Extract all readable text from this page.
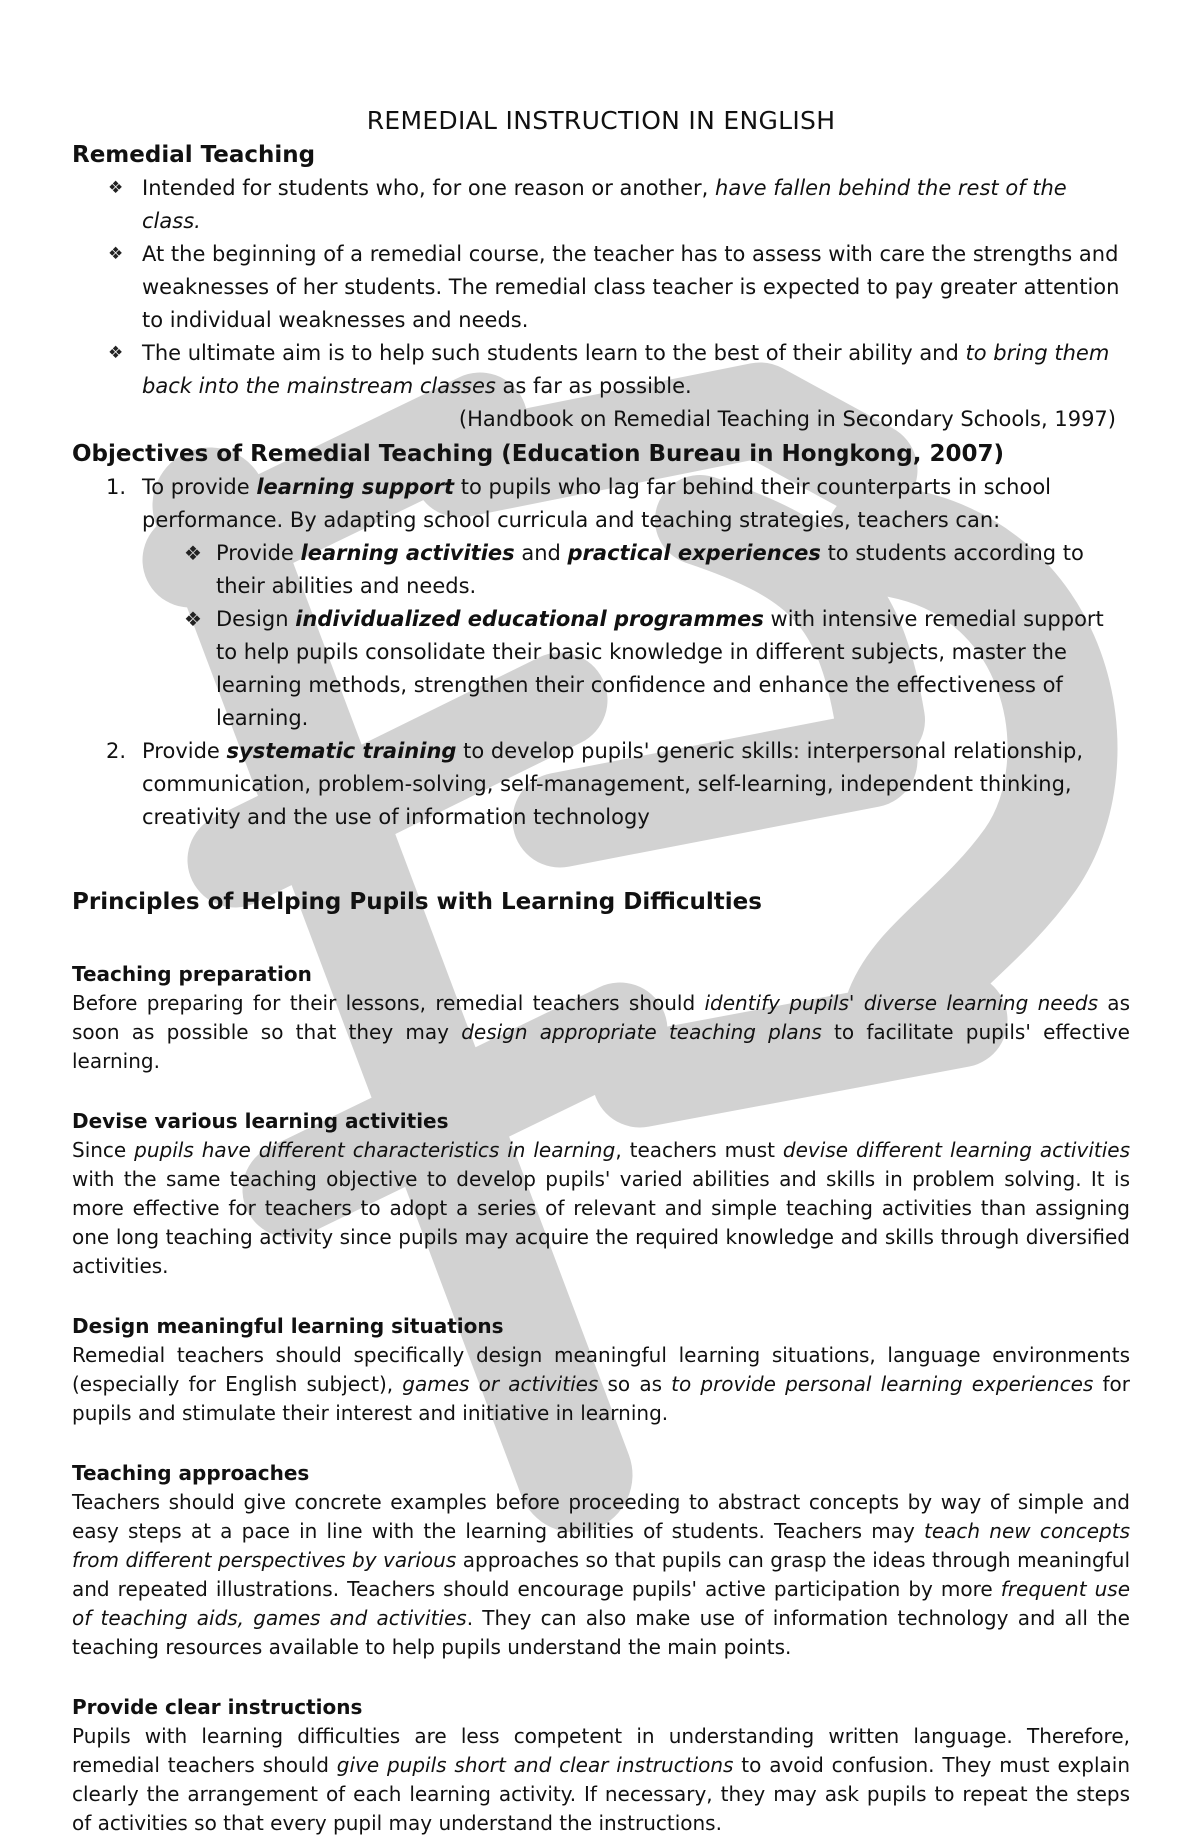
REMEDIAL INSTRUCTION IN ENGLISH
Remedial Teaching
❖ Intended for students who, for one reason or another, have fallen behind the rest of the class.
❖ At the beginning of a remedial course, the teacher has to assess with care the strengths and weaknesses of her students. The remedial class teacher is expected to pay greater attention to individual weaknesses and needs.
❖ The ultimate aim is to help such students learn to the best of their ability and to bring them back into the mainstream classes as far as possible.
(Handbook on Remedial Teaching in Secondary Schools, 1997)
Objectives of Remedial Teaching (Education Bureau in Hongkong, 2007)
1. To provide learning support to pupils who lag far behind their counterparts in school performance. By adapting school curricula and teaching strategies, teachers can:
❖ Provide learning activities and practical experiences to students according to their abilities and needs.
❖ Design individualized educational programmes with intensive remedial support to help pupils consolidate their basic knowledge in different subjects, master the learning methods, strengthen their confidence and enhance the effectiveness of learning.
2. Provide systematic training to develop pupils' generic skills: interpersonal relationship, communication, problem-solving, self-management, self-learning, independent thinking, creativity and the use of information technology
Principles of Helping Pupils with Learning Difficulties
Teaching preparation

Before preparing for their lessons, remedial teachers should identify pupils' diverse learning needs as soon as possible so that they may design appropriate teaching plans to facilitate pupils' effective learning.

Devise various learning activities

Since pupils have different characteristics in learning, teachers must devise different learning activities with the same teaching objective to develop pupils' varied abilities and skills in problem solving. It is more effective for teachers to adopt a series of relevant and simple teaching activities than assigning one long teaching activity since pupils may acquire the required knowledge and skills through diversified activities.

Design meaningful learning situations

Remedial teachers should specifically design meaningful learning situations, language environments (especially for English subject), games or activities so as to provide personal learning experiences for pupils and stimulate their interest and initiative in learning.

Teaching approaches

Teachers should give concrete examples before proceeding to abstract concepts by way of simple and easy steps at a pace in line with the learning abilities of students. Teachers may teach new concepts from different perspectives by various approaches so that pupils can grasp the ideas through meaningful and repeated illustrations. Teachers should encourage pupils' active participation by more frequent use of teaching aids, games and activities. They can also make use of information technology and all the teaching resources available to help pupils understand the main points.

Provide clear instructions

Pupils with learning difficulties are less competent in understanding written language. Therefore, remedial teachers should give pupils short and clear instructions to avoid confusion. They must explain clearly the arrangement of each learning activity. If necessary, they may ask pupils to repeat the steps of activities so that every pupil may understand the instructions.
